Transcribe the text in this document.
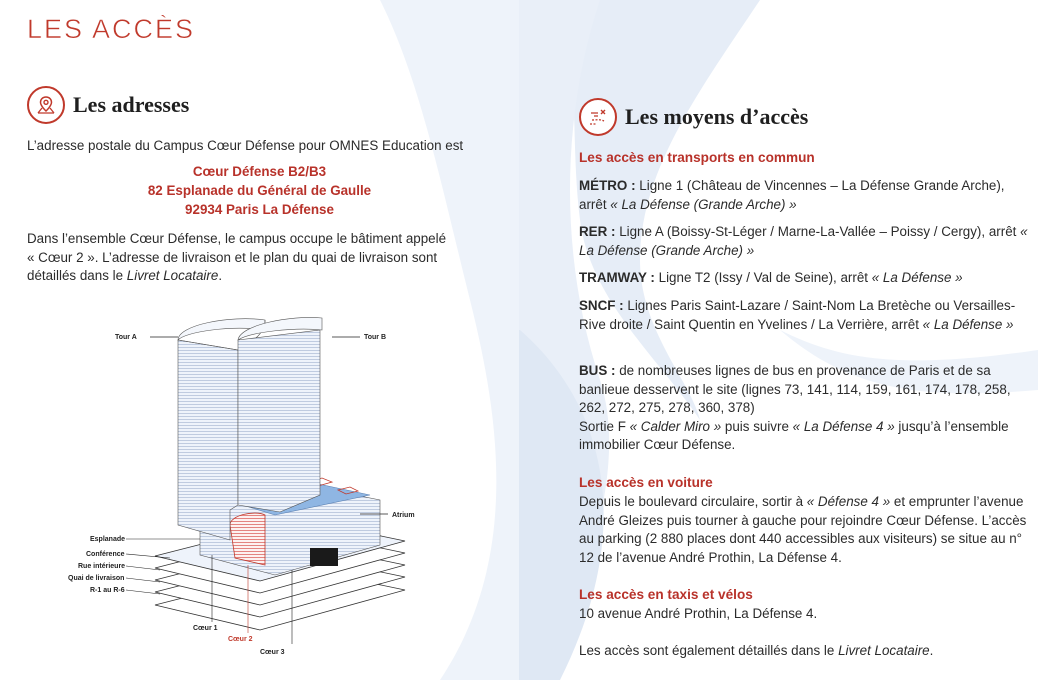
LES ACCÈS
Les adresses
L’adresse postale du Campus Cœur Défense pour OMNES Education est
Cœur Défense B2/B3
82 Esplanade du Général de Gaulle
92934 Paris La Défense
Dans l’ensemble Cœur Défense, le campus occupe le bâtiment appelé « Cœur 2 ». L’adresse de livraison et le plan du quai de livraison sont détaillés dans le Livret Locataire.
Tour A	Tour B
Atrium
Esplanade
Conférence
Rue intérieure
Quai de livraison
R-1 au R-6
Cœur 1
Cœur 2
Cœur 3
Les moyens d’accès
Les accès en transports en commun
MÉTRO : Ligne 1 (Château de Vincennes – La Défense Grande Arche), arrêt « La Défense (Grande Arche) »
RER : Ligne A (Boissy-St-Léger / Marne-La-Vallée – Poissy / Cergy), arrêt « La Défense (Grande Arche) »
TRAMWAY : Ligne T2 (Issy / Val de Seine), arrêt « La Défense »
SNCF : Lignes Paris Saint-Lazare / Saint-Nom La Bretèche ou Versailles-Rive droite / Saint Quentin en Yvelines / La Verrière, arrêt « La Défense »
BUS : de nombreuses lignes de bus en provenance de Paris et de sa banlieue desservent le site (lignes 73, 141, 114, 159, 161, 174, 178, 258, 262, 272, 275, 278, 360, 378)
Sortie F « Calder Miro » puis suivre « La Défense 4 » jusqu’à l’ensemble immobilier Cœur Défense.
Les accès en voiture
Depuis le boulevard circulaire, sortir à « Défense 4 » et emprunter l’avenue André Gleizes puis tourner à gauche pour rejoindre Cœur Défense. L’accès au parking (2 880 places dont 440 accessibles aux visiteurs) se situe au n° 12 de l’avenue André Prothin, La Défense 4.
Les accès en taxis et vélos
10 avenue André Prothin, La Défense 4.
Les accès sont également détaillés dans le Livret Locataire.
